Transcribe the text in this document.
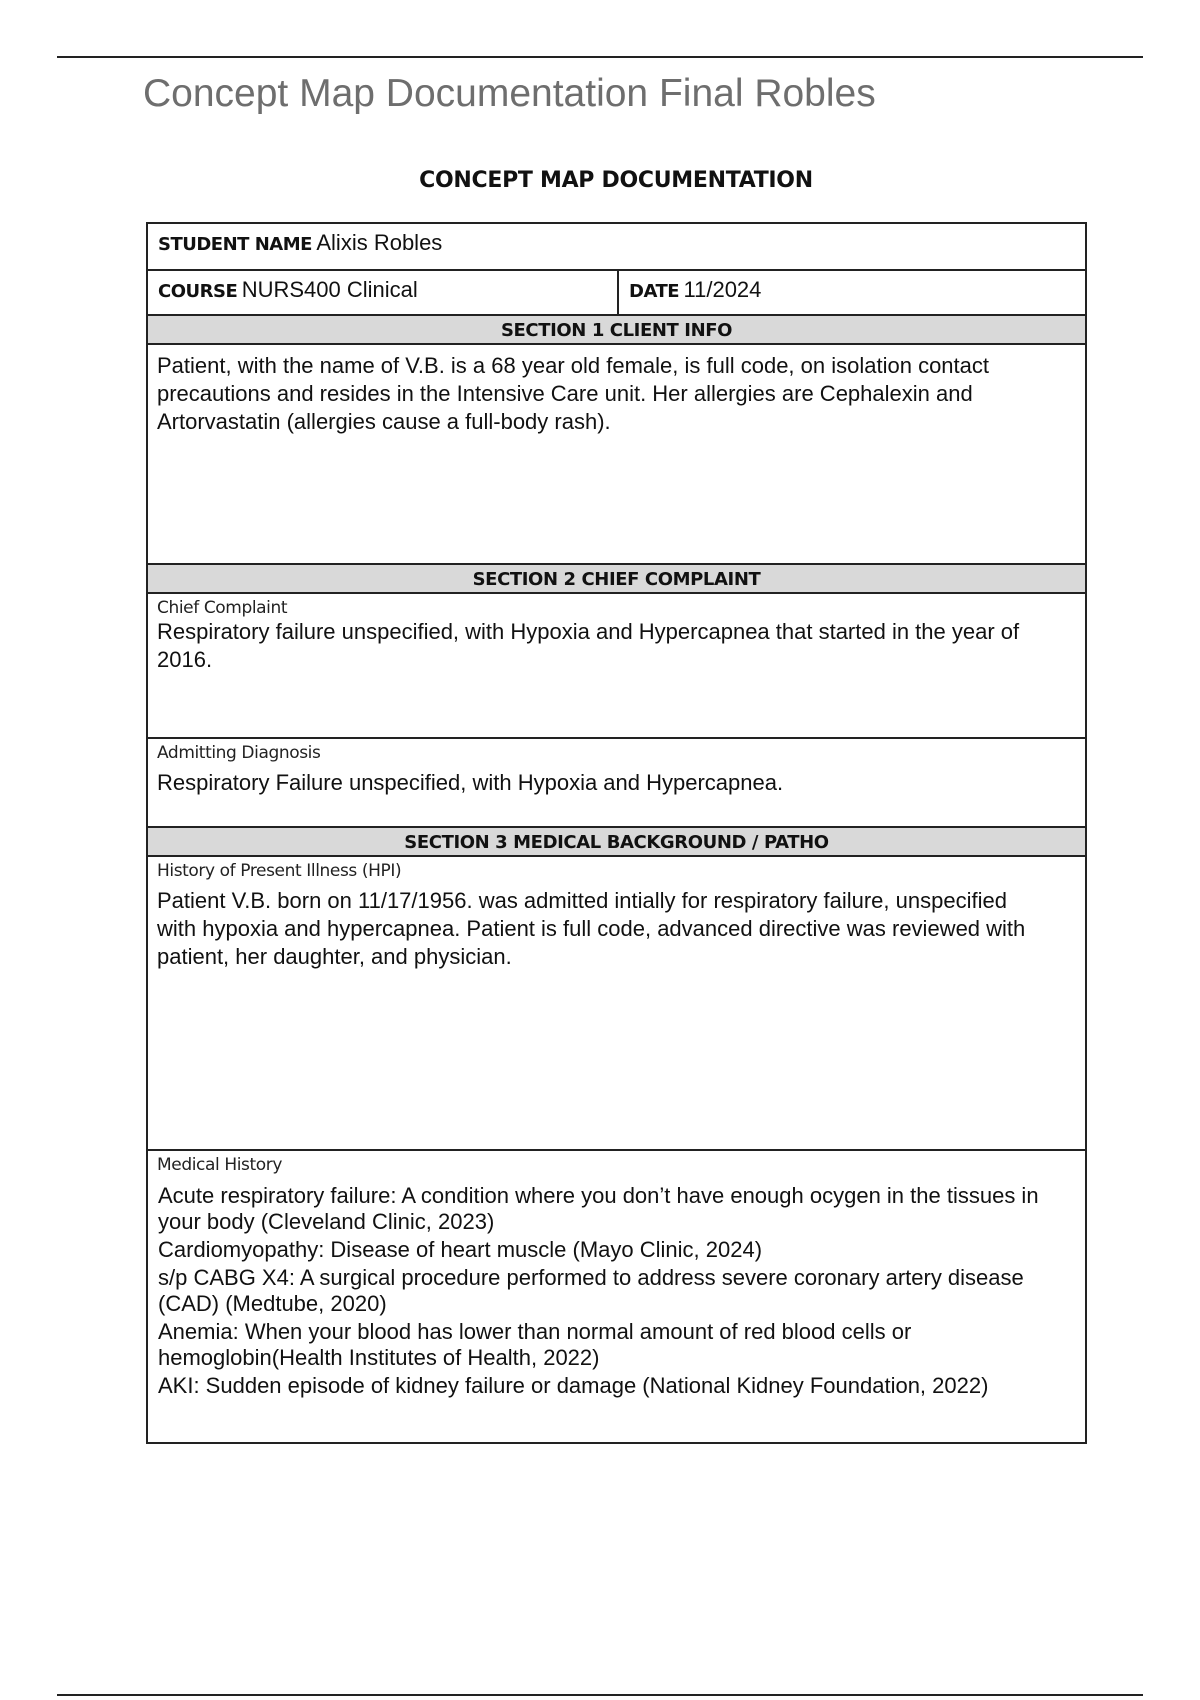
Concept Map Documentation Final Robles
CONCEPT MAP DOCUMENTATION
STUDENT NAME Alixis Robles
COURSE NURS400 Clinical	DATE 11/2024
SECTION 1 CLIENT INFO

Patient, with the name of V.B. is a 68 year old female, is full code, on isolation contact precautions and resides in the Intensive Care unit. Her allergies are Cephalexin and Artorvastatin (allergies cause a full-body rash).

SECTION 2 CHIEF COMPLAINT
Chief Complaint

Respiratory failure unspecified, with Hypoxia and Hypercapnea that started in the year of 2016.

Admitting Diagnosis

Respiratory Failure unspecified, with Hypoxia and Hypercapnea.

SECTION 3 MEDICAL BACKGROUND / PATHO
History of Present Illness (HPI)

Patient V.B. born on 11/17/1956. was admitted intially for respiratory failure, unspecified

with hypoxia and hypercapnea. Patient is full code, advanced directive was reviewed with patient, her daughter, and physician.

Medical History

Acute respiratory failure: A condition where you don’t have enough ocygen in the tissues in your body (Cleveland Clinic, 2023)

Cardiomyopathy: Disease of heart muscle (Mayo Clinic, 2024)

s/p CABG X4: A surgical procedure performed to address severe coronary artery disease (CAD) (Medtube, 2020)

Anemia: When your blood has lower than normal amount of red blood cells or hemoglobin(Health Institutes of Health, 2022)

AKI: Sudden episode of kidney failure or damage (National Kidney Foundation, 2022)
